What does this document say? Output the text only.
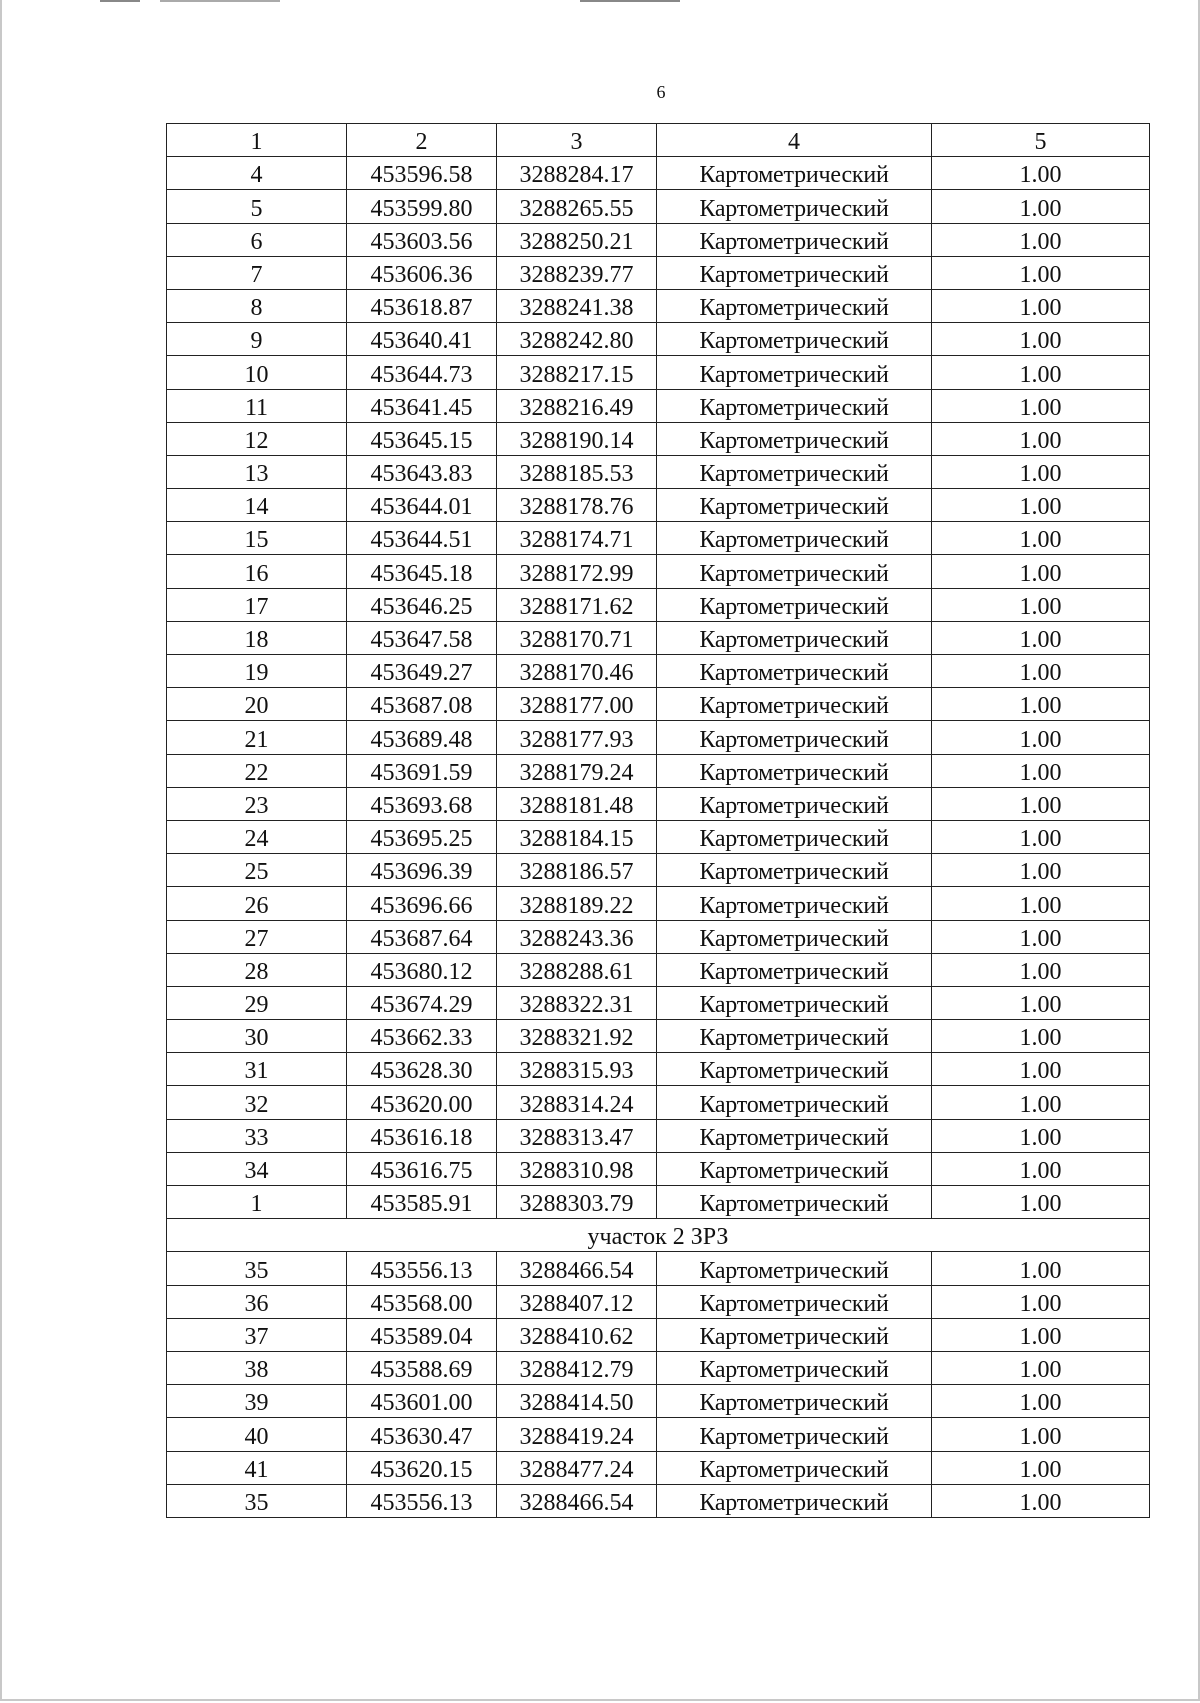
6
1	2	3	4	5
4	453596.58	3288284.17	Картометрический	1.00
5	453599.80	3288265.55	Картометрический	1.00
6	453603.56	3288250.21	Картометрический	1.00
7	453606.36	3288239.77	Картометрический	1.00
8	453618.87	3288241.38	Картометрический	1.00
9	453640.41	3288242.80	Картометрический	1.00
10	453644.73	3288217.15	Картометрический	1.00
11	453641.45	3288216.49	Картометрический	1.00
12	453645.15	3288190.14	Картометрический	1.00
13	453643.83	3288185.53	Картометрический	1.00
14	453644.01	3288178.76	Картометрический	1.00
15	453644.51	3288174.71	Картометрический	1.00
16	453645.18	3288172.99	Картометрический	1.00
17	453646.25	3288171.62	Картометрический	1.00
18	453647.58	3288170.71	Картометрический	1.00
19	453649.27	3288170.46	Картометрический	1.00
20	453687.08	3288177.00	Картометрический	1.00
21	453689.48	3288177.93	Картометрический	1.00
22	453691.59	3288179.24	Картометрический	1.00
23	453693.68	3288181.48	Картометрический	1.00
24	453695.25	3288184.15	Картометрический	1.00
25	453696.39	3288186.57	Картометрический	1.00
26	453696.66	3288189.22	Картометрический	1.00
27	453687.64	3288243.36	Картометрический	1.00
28	453680.12	3288288.61	Картометрический	1.00
29	453674.29	3288322.31	Картометрический	1.00
30	453662.33	3288321.92	Картометрический	1.00
31	453628.30	3288315.93	Картометрический	1.00
32	453620.00	3288314.24	Картометрический	1.00
33	453616.18	3288313.47	Картометрический	1.00
34	453616.75	3288310.98	Картометрический	1.00
1	453585.91	3288303.79	Картометрический	1.00
участок 2 ЗРЗ				
35	453556.13	3288466.54	Картометрический	1.00
36	453568.00	3288407.12	Картометрический	1.00
37	453589.04	3288410.62	Картометрический	1.00
38	453588.69	3288412.79	Картометрический	1.00
39	453601.00	3288414.50	Картометрический	1.00
40	453630.47	3288419.24	Картометрический	1.00
41	453620.15	3288477.24	Картометрический	1.00
35	453556.13	3288466.54	Картометрический	1.00
